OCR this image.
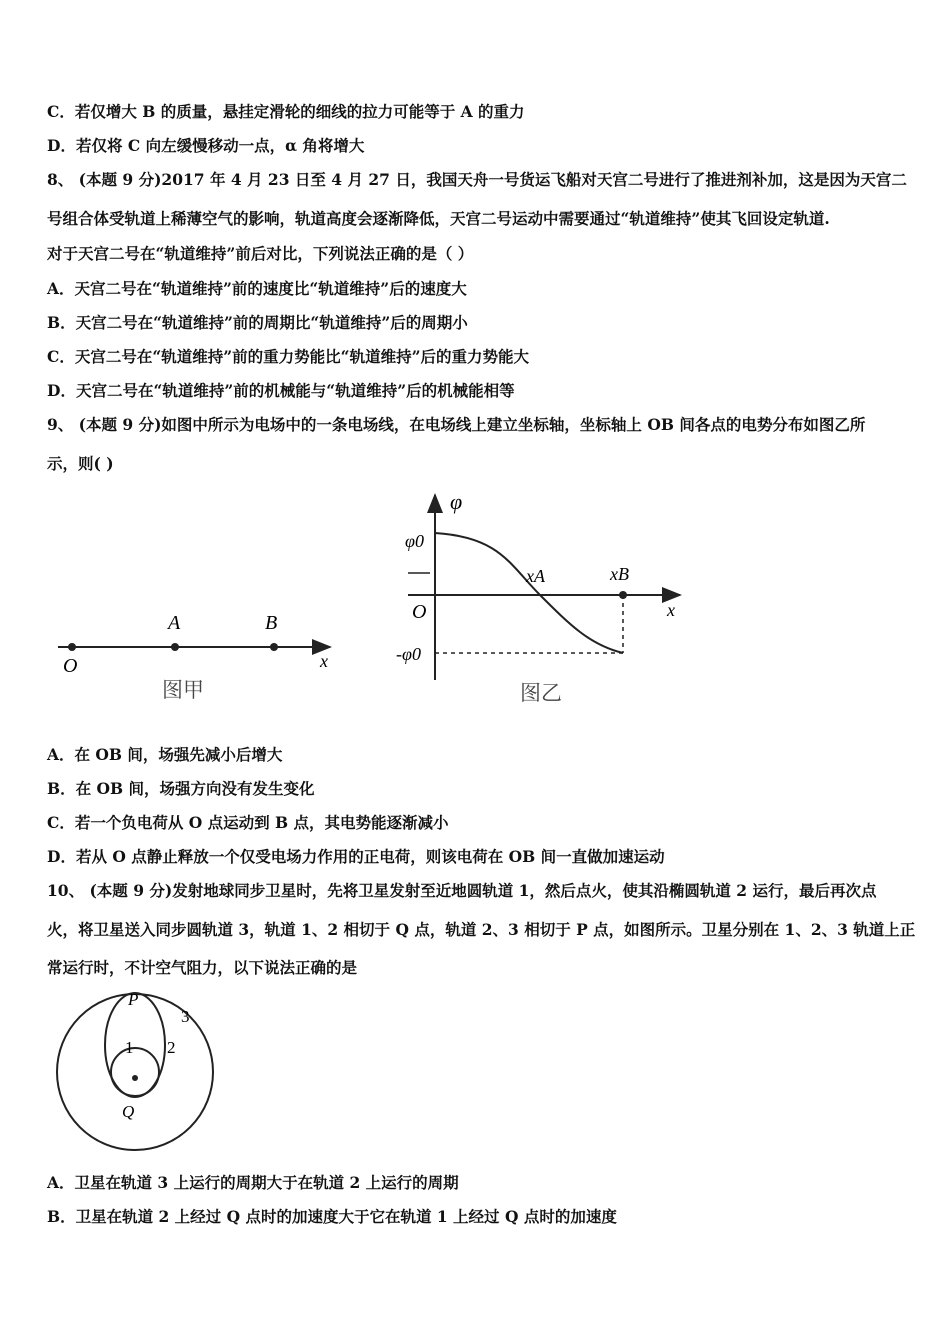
C．若仅增大 B 的质量，悬挂定滑轮的细线的拉力可能等于 A 的重力
D．若仅将 C 向左缓慢移动一点，α 角将增大
8、 (本题 9 分)2017 年 4 月 23 日至 4 月 27 日，我国天舟一号货运飞船对天宫二号进行了推进剂补加，这是因为天宫二
号组合体受轨道上稀薄空气的影响，轨道高度会逐渐降低，天宫二号运动中需要通过“轨道维持”使其飞回设定轨道.
对于天宫二号在“轨道维持”前后对比，下列说法正确的是（ ）
A．天宫二号在“轨道维持”前的速度比“轨道维持”后的速度大
B．天宫二号在“轨道维持”前的周期比“轨道维持”后的周期小
C．天宫二号在“轨道维持”前的重力势能比“轨道维持”后的重力势能大
D．天宫二号在“轨道维持”前的机械能与“轨道维持”后的机械能相等
9、 (本题 9 分)如图中所示为电场中的一条电场线，在电场线上建立坐标轴，坐标轴上 OB 间各点的电势分布如图乙所
示，则( )
O
A	B
x
图甲
φ
φ0
O
-φ0
xA	xB
x
图乙
A．在 OB 间，场强先减小后增大
B．在 OB 间，场强方向没有发生变化
C．若一个负电荷从 O 点运动到 B 点，其电势能逐渐减小
D．若从 O 点静止释放一个仅受电场力作用的正电荷，则该电荷在 OB 间一直做加速运动
10、 (本题 9 分)发射地球同步卫星时，先将卫星发射至近地圆轨道 1，然后点火，使其沿椭圆轨道 2 运行，最后再次点
火，将卫星送入同步圆轨道 3，轨道 1、2 相切于 Q 点，轨道 2、3 相切于 P 点，如图所示。卫星分别在 1、2、3 轨道上正
常运行时，不计空气阻力，以下说法正确的是
P
Q
1 2
3
A．卫星在轨道 3 上运行的周期大于在轨道 2 上运行的周期
B．卫星在轨道 2 上经过 Q 点时的加速度大于它在轨道 1 上经过 Q 点时的加速度
